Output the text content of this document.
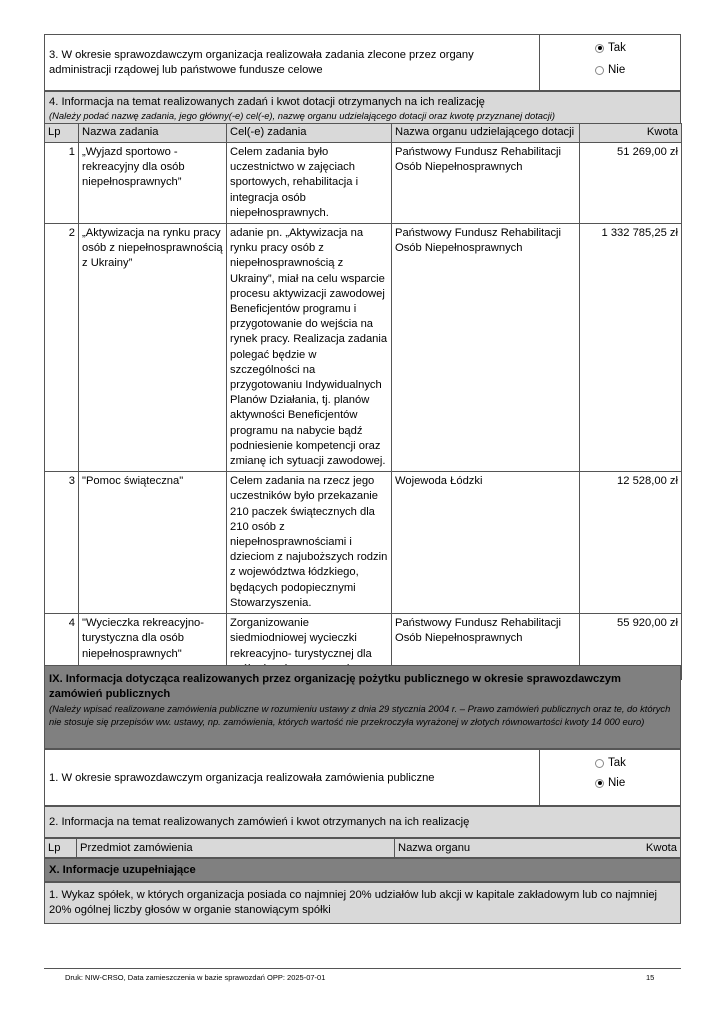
3. W okresie sprawozdawczym organizacja realizowała zadania zlecone przez organy administracji rządowej lub państwowe fundusze celowe
Tak
Nie
4. Informacja na temat realizowanych zadań i kwot dotacji otrzymanych na ich realizację
(Należy podać nazwę zadania, jego główny(-e) cel(-e), nazwę organu udzielającego dotacji oraz kwotę przyznanej dotacji)
Lp	Nazwa zadania	Cel(-e) zadania	Nazwa organu udzielającego dotacji	Kwota
1	„Wyjazd sportowo - rekreacyjny dla osób niepełnosprawnych”	Celem zadania było uczestnictwo w zajęciach sportowych, rehabilitacja i integracja osób niepełnosprawnych.	Państwowy Fundusz Rehabilitacji Osób Niepełnosprawnych	51 269,00 zł
2	„Aktywizacja na rynku pracy osób z niepełnosprawnością z Ukrainy”	adanie pn. „Aktywizacja na rynku pracy osób z niepełnosprawnością z Ukrainy”, miał na celu wsparcie procesu aktywizacji zawodowej Beneficjentów programu i przygotowanie do wejścia na rynek pracy. Realizacja zadania polegać będzie w szczególności na przygotowaniu Indywidualnych Planów Działania, tj. planów aktywności Beneficjentów programu na nabycie bądź podniesienie kompetencji oraz zmianę ich sytuacji zawodowej.	Państwowy Fundusz Rehabilitacji Osób Niepełnosprawnych	1 332 785,25 zł
3	"Pomoc świąteczna"	Celem zadania na rzecz jego uczestników było przekazanie 210 paczek świątecznych dla 210 osób z niepełnosprawnościami i dzieciom z najuboższych rodzin z województwa łódzkiego, będących podopiecznymi Stowarzyszenia.	Wojewoda Łódzki	12 528,00 zł
4	"Wycieczka rekreacyjno-turystyczna dla osób niepełnosprawnych"	Zorganizowanie siedmiodniowej wycieczki rekreacyjno- turystycznej dla	Państwowy Fundusz Rehabilitacji Osób Niepełnosprawnych	55 920,00 zł
IX. Informacja dotycząca realizowanych przez organizację pożytku publicznego w okresie sprawozdawczym zamówień publicznych
(Należy wpisać realizowane zamówienia publiczne w rozumieniu ustawy z dnia 29 stycznia 2004 r. – Prawo zamówień publicznych oraz te, do których nie stosuje się przepisów ww. ustawy, np. zamówienia, których wartość nie przekroczyła wyrażonej w złotych równowartości kwoty 14 000 euro)
1. W okresie sprawozdawczym organizacja realizowała zamówienia publiczne
Tak
Nie
2. Informacja na temat realizowanych zamówień i kwot otrzymanych na ich realizację
Lp Przedmiot zamówienia	Nazwa organu	Kwota
X. Informacje uzupełniające
1. Wykaz spółek, w których organizacja posiada co najmniej 20% udziałów lub akcji w kapitale zakładowym lub co najmniej 20% ogólnej liczby głosów w organie stanowiącym spółki
Druk: NIW-CRSO, Data zamieszczenia w bazie sprawozdań OPP: 2025-07-01	15
